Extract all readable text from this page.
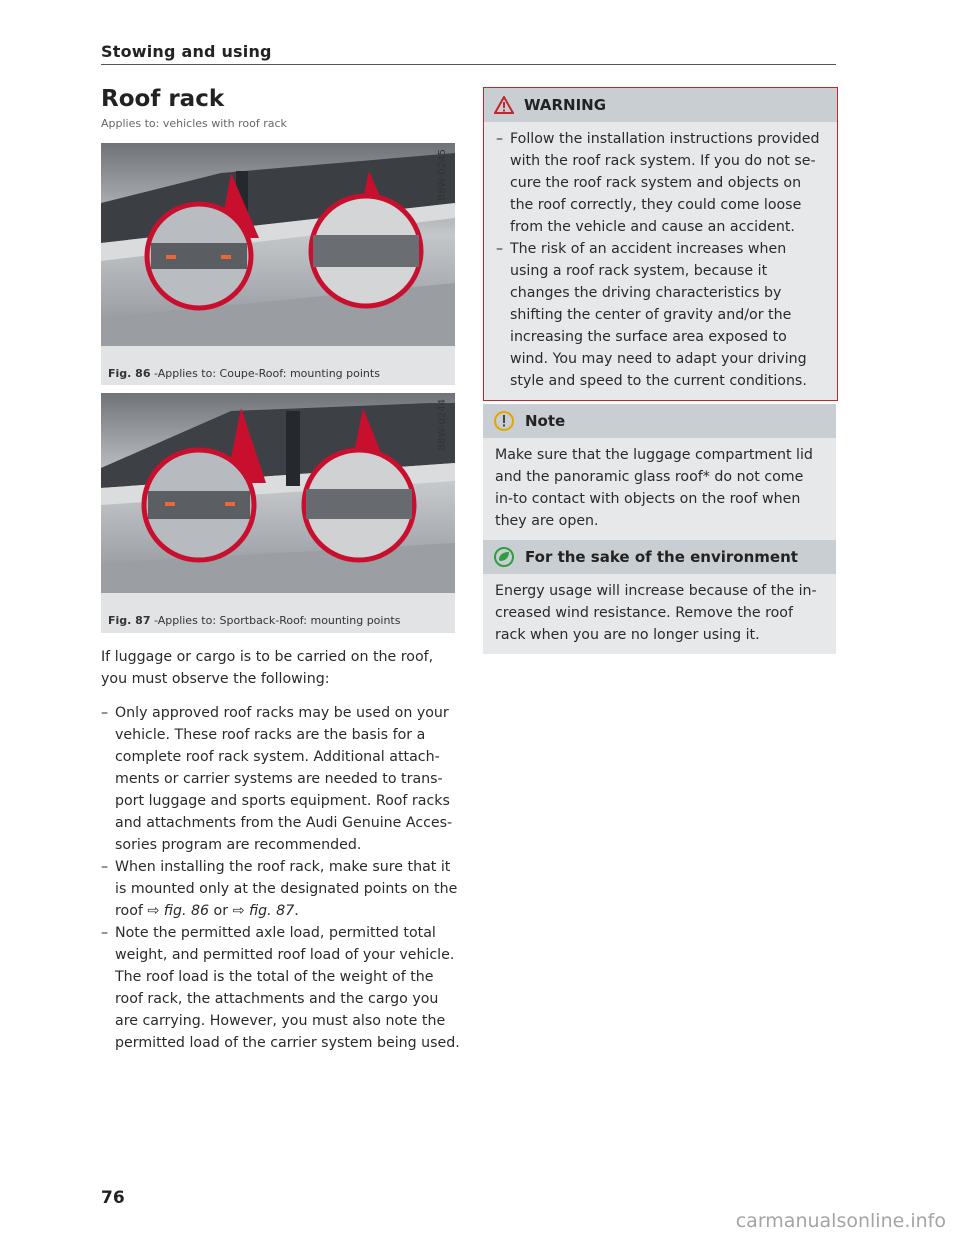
Stowing and using
Roof rack
Applies to: vehicles with roof rack
B8W-0245
Fig. 86 -Applies to: Coupe-Roof: mounting points
B8W-0244
Fig. 87 -Applies to: Sportback-Roof: mounting points

If luggage or cargo is to be carried on the roof, you must observe the following:

– Only approved roof racks may be used on your vehicle. These roof racks are the basis for a complete roof rack system. Additional attach-ments or carrier systems are needed to trans-port luggage and sports equipment. Roof racks and attachments from the Audi Genuine Acces-sories program are recommended.
– When installing the roof rack, make sure that it is mounted only at the designated points on the roof ⇨ fig. 86 or ⇨ fig. 87.
– Note the permitted axle load, permitted total weight, and permitted roof load of your vehicle. The roof load is the total of the weight of the roof rack, the attachments and the cargo you are carrying. However, you must also note the permitted load of the carrier system being used.
WARNING
– Follow the installation instructions provided with the roof rack system. If you do not se-cure the roof rack system and objects on the roof correctly, they could come loose from the vehicle and cause an accident.
– The risk of an accident increases when using a roof rack system, because it changes the driving characteristics by shifting the center of gravity and/or the increasing the surface area exposed to wind. You may need to adapt your driving style and speed to the current conditions.
Note

Make sure that the luggage compartment lid and the panoramic glass roof* do not come in-to contact with objects on the roof when they are open.

For the sake of the environment

Energy usage will increase because of the in-creased wind resistance. Remove the roof rack when you are no longer using it.

76
carmanualsonline.info
